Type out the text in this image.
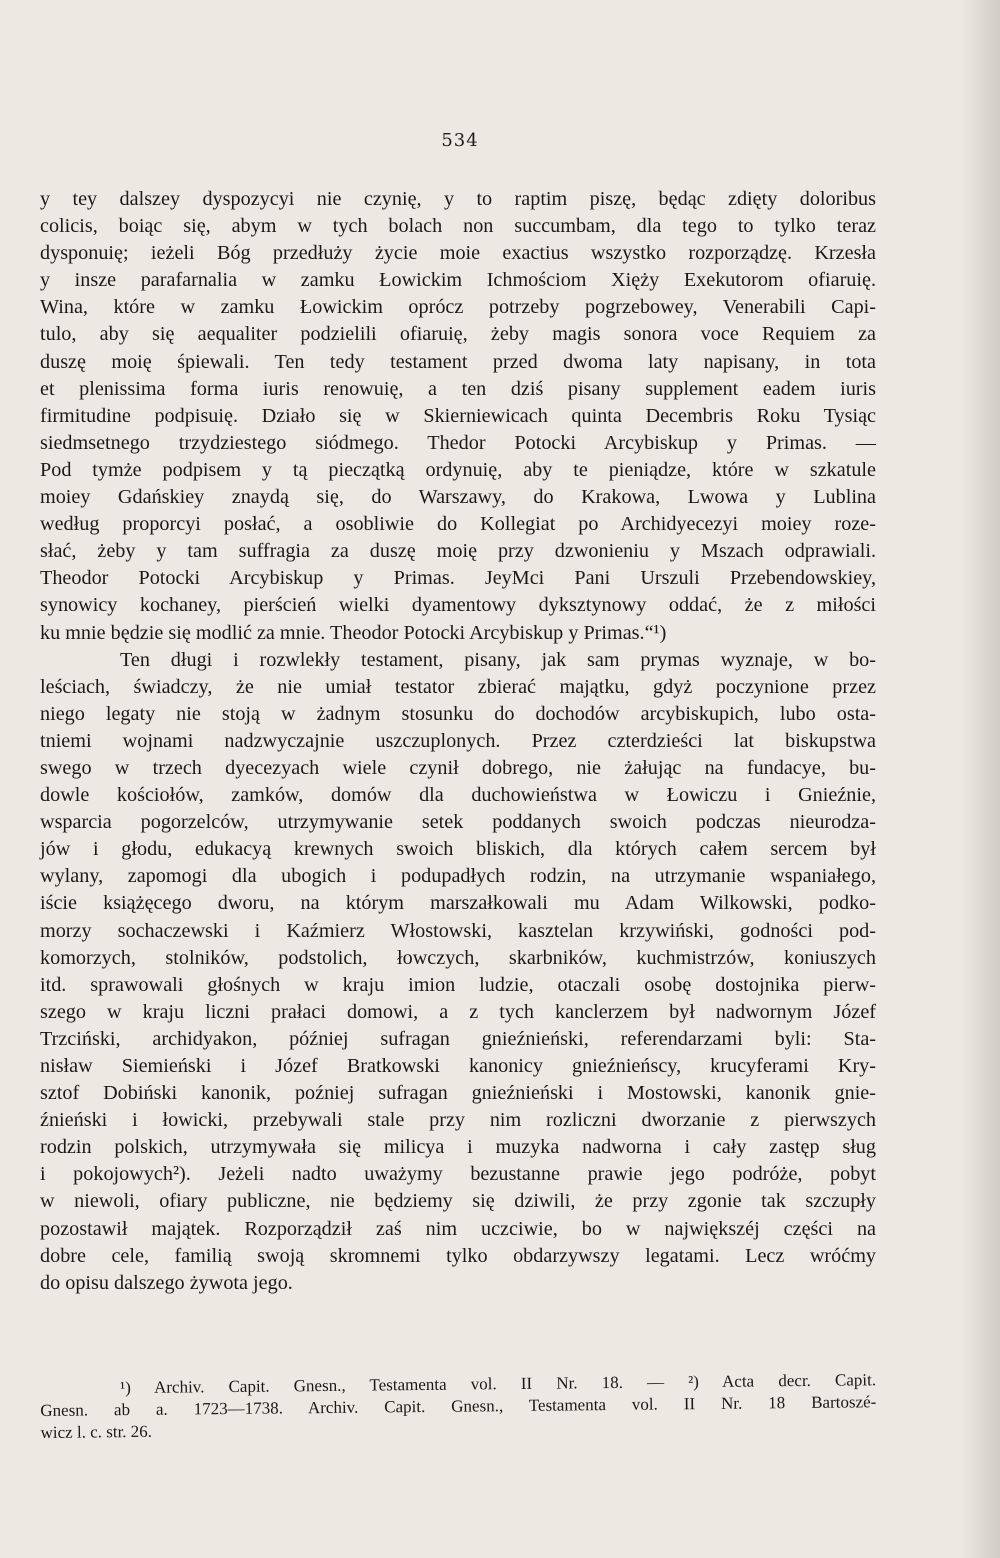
534
y tey dalszey dyspozycyi nie czynię, y to raptim piszę, będąc zdięty doloribus
colicis, boiąc się, abym w tych bolach non succumbam, dla tego to tylko teraz
dysponuię; ieżeli Bóg przedłuży życie moie exactius wszystko rozporządzę. Krzesła
y insze parafarnalia w zamku Łowickim Ichmościom Xięży Exekutorom ofiaruię.
Wina, które w zamku Łowickim oprócz potrzeby pogrzebowey, Venerabili Capi-
tulo, aby się aequaliter podzielili ofiaruię, żeby magis sonora voce Requiem za
duszę moię śpiewali. Ten tedy testament przed dwoma laty napisany, in tota
et plenissima forma iuris renowuię, a ten dziś pisany supplement eadem iuris
firmitudine podpisuię. Działo się w Skierniewicach quinta Decembris Roku Tysiąc
siedmsetnego trzydziestego siódmego. Thedor Potocki Arcybiskup y Primas. —
Pod tymże podpisem y tą pieczątką ordynuię, aby te pieniądze, które w szkatule
moiey Gdańskiey znaydą się, do Warszawy, do Krakowa, Lwowa y Lublina
według proporcyi posłać, a osobliwie do Kollegiat po Archidyecezyi moiey roze-
słać, żeby y tam suffragia za duszę moię przy dzwonieniu y Mszach odprawiali.
Theodor Potocki Arcybiskup y Primas. JeyMci Pani Urszuli Przebendowskiey,
synowicy kochaney, pierścień wielki dyamentowy dyksztynowy oddać, że z miłości
ku mnie będzie się modlić za mnie. Theodor Potocki Arcybiskup y Primas.“¹)
Ten długi i rozwlekły testament, pisany, jak sam prymas wyznaje, w bo-
leściach, świadczy, że nie umiał testator zbierać majątku, gdyż poczynione przez
niego legaty nie stoją w żadnym stosunku do dochodów arcybiskupich, lubo osta-
tniemi wojnami nadzwyczajnie uszczuplonych. Przez czterdzieści lat biskupstwa
swego w trzech dyecezyach wiele czynił dobrego, nie żałując na fundacye, bu-
dowle kościołów, zamków, domów dla duchowieństwa w Łowiczu i Gnieźnie,
wsparcia pogorzelców, utrzymywanie setek poddanych swoich podczas nieurodza-
jów i głodu, edukacyą krewnych swoich bliskich, dla których całem sercem był
wylany, zapomogi dla ubogich i podupadłych rodzin, na utrzymanie wspaniałego,
iście książęcego dworu, na którym marszałkowali mu Adam Wilkowski, podko-
morzy sochaczewski i Kaźmierz Włostowski, kasztelan krzywiński, godności pod-
komorzych, stolników, podstolich, łowczych, skarbników, kuchmistrzów, koniuszych
itd. sprawowali głośnych w kraju imion ludzie, otaczali osobę dostojnika pierw-
szego w kraju liczni prałaci domowi, a z tych kanclerzem był nadwornym Józef
Trzciński, archidyakon, później sufragan gnieźnieński, referendarzami byli: Sta-
nisław Siemieński i Józef Bratkowski kanonicy gnieźnieńscy, krucyferami Kry-
sztof Dobiński kanonik, poźniej sufragan gnieźnieński i Mostowski, kanonik gnie-
źnieński i łowicki, przebywali stale przy nim rozliczni dworzanie z pierwszych
rodzin polskich, utrzymywała się milicya i muzyka nadworna i cały zastęp sług
i pokojowych²). Jeżeli nadto uważymy bezustanne prawie jego podróże, pobyt
w niewoli, ofiary publiczne, nie będziemy się dziwili, że przy zgonie tak szczupły
pozostawił majątek. Rozporządził zaś nim uczciwie, bo w największéj części na
dobre cele, familią swoją skromnemi tylko obdarzywszy legatami. Lecz wróćmy
do opisu dalszego żywota jego.
¹) Archiv. Capit. Gnesn., Testamenta vol. II Nr. 18. — ²) Acta decr. Capit.
Gnesn. ab a. 1723—1738. Archiv. Capit. Gnesn., Testamenta vol. II Nr. 18 Bartoszé-
wicz l. c. str. 26.
